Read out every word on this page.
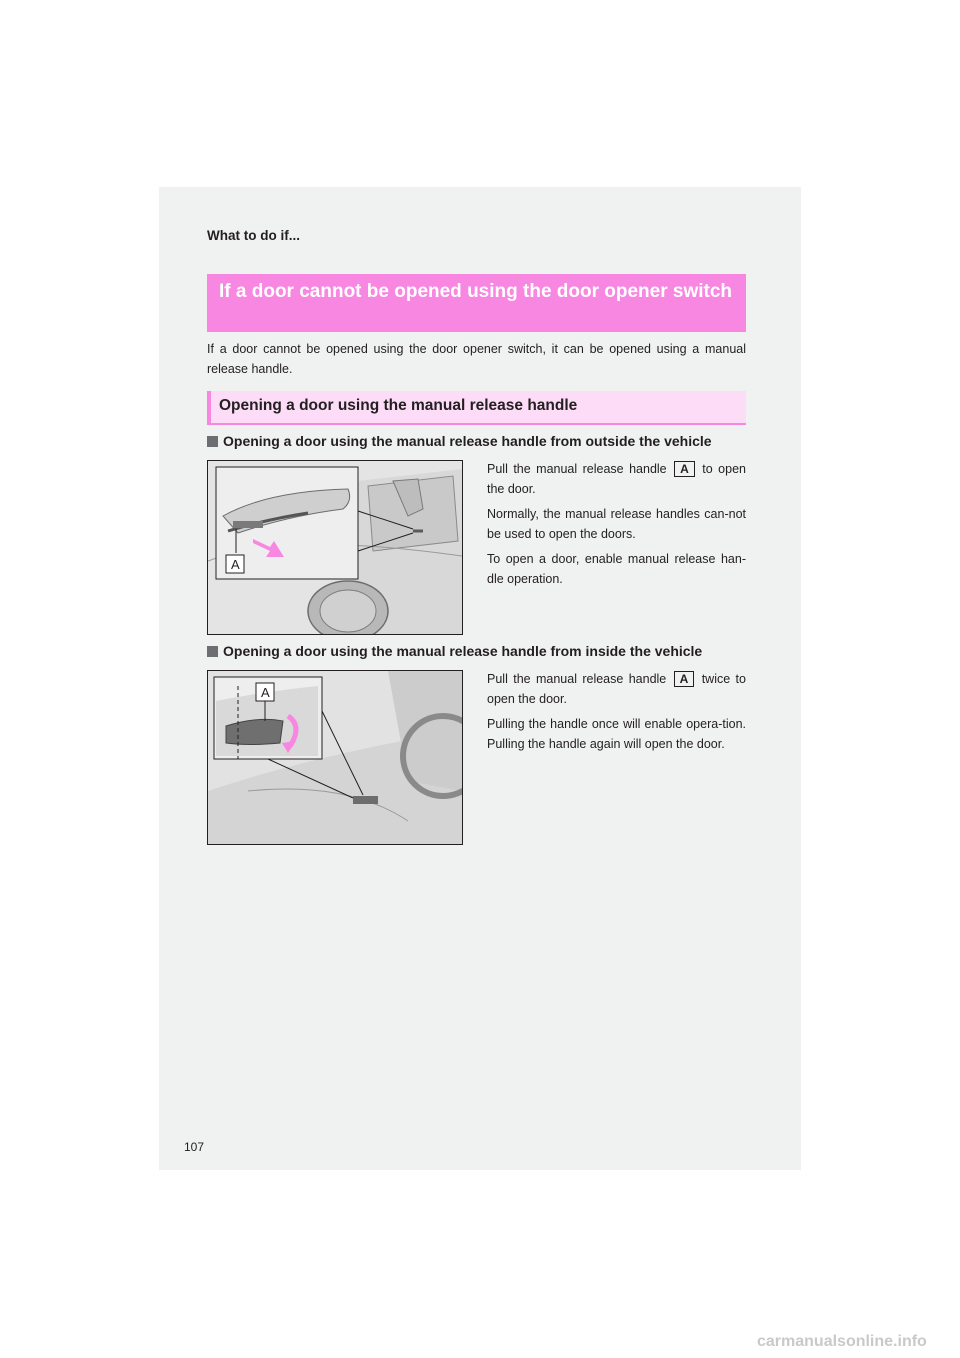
What to do if...
If a door cannot be opened using the door opener switch
If a door cannot be opened using the door opener switch, it can be opened using a manual release handle.
Opening a door using the manual release handle
Opening a door using the manual release handle from outside the vehicle
A

Pull the manual release handle A to open the door.

Normally, the manual release handles can-not be used to open the doors.

To open a door, enable manual release han-dle operation.

Opening a door using the manual release handle from inside the vehicle
A

Pull the manual release handle A twice to open the door.

Pulling the handle once will enable opera-tion. Pulling the handle again will open the door.

107
carmanualsonline.info
